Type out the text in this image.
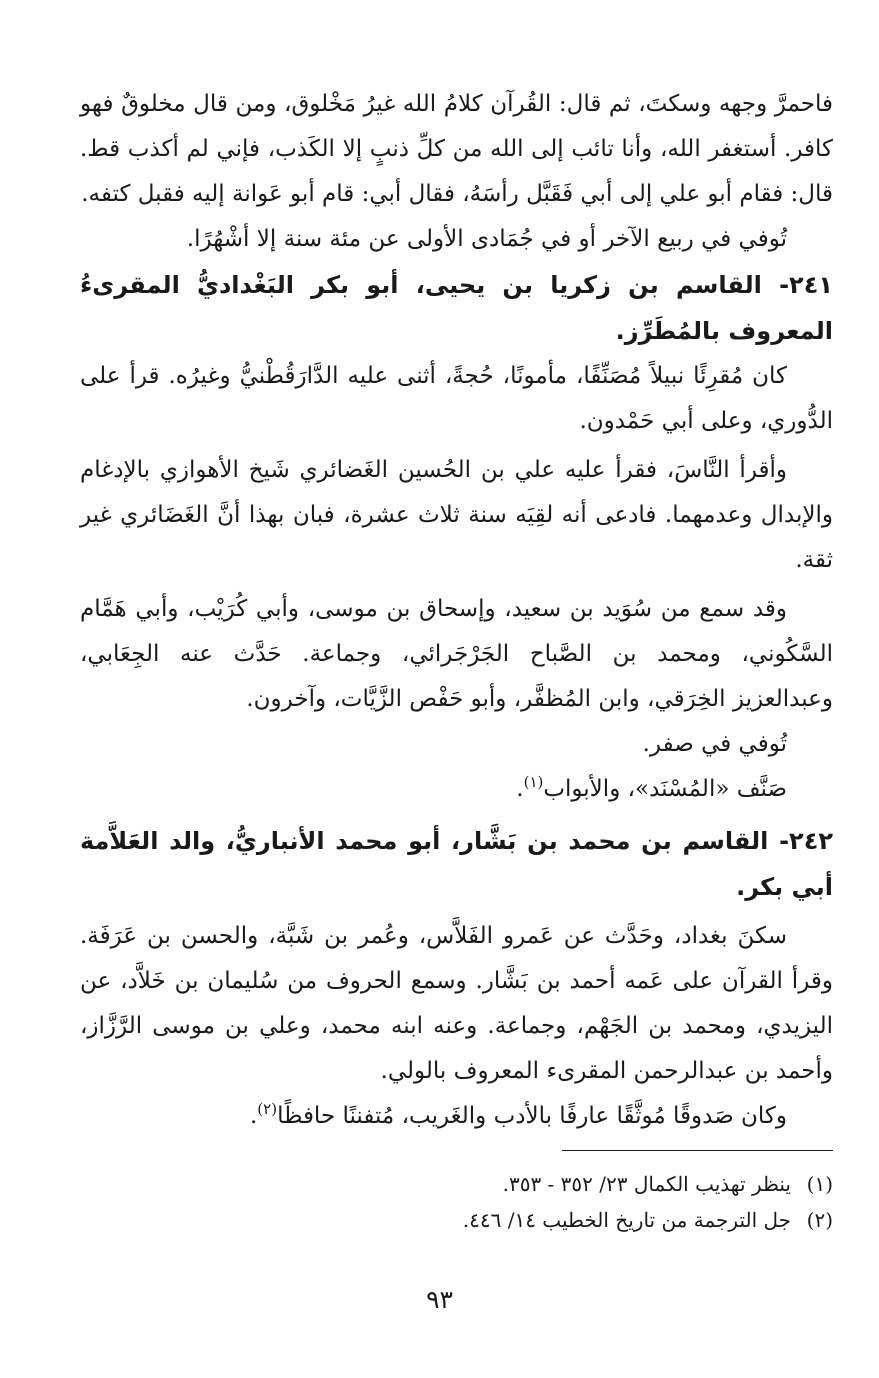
فاحمرَّ وجهه وسكتَ، ثم قال: القُرآن كلامُ الله غيرُ مَخْلوق، ومن قال مخلوقٌ فهو كافر. أستغفر الله، وأنا تائب إلى الله من كلِّ ذنبٍ إلا الكَذب، فإني لم أكذب قط. قال: فقام أبو علي إلى أبي فَقَبَّل رأسَهُ، فقال أبي: قام أبو عَوانة إليه فقبل كتفه.

تُوفي في ربيع الآخر أو في جُمَادى الأولى عن مئة سنة إلا أشْهُرًا.

٢٤١- القاسم بن زكريا بن يحيى، أبو بكر البَغْداديُّ المقرىءُ المعروف بالمُطَرِّز.

كان مُقرِئًا نبيلاً مُصَنِّفًا، مأمونًا، حُجةً، أثنى عليه الدَّارَقُطْنيُّ وغيرُه. قرأ على الدُّوري، وعلى أبي حَمْدون.

وأقرأ النَّاسَ، فقرأ عليه علي بن الحُسين الغَضائري شَيخ الأهوازي بالإدغام والإبدال وعدمهما. فادعى أنه لقِيَه سنة ثلاث عشرة، فبان بهذا أنَّ الغَضَائري غير ثقة.

وقد سمع من سُوَيد بن سعيد، وإسحاق بن موسى، وأبي كُرَيْب، وأبي هَمَّام السَّكُوني، ومحمد بن الصَّباح الجَرْجَرائي، وجماعة. حَدَّث عنه الجِعَابي، وعبدالعزيز الخِرَقي، وابن المُظفَّر، وأبو حَفْص الزَّيَّات، وآخرون.

تُوفي في صفر.

صَنَّف «المُسْنَد»، والأبواب$^{(١)}$.

٢٤٢- القاسم بن محمد بن بَشَّار، أبو محمد الأنباريُّ، والد العَلاَّمة أبي بكر.

سكنَ بغداد، وحَدَّث عن عَمرو الفَلاَّس، وعُمر بن شَبَّة، والحسن بن عَرَفَة. وقرأ القرآن على عَمه أحمد بن بَشَّار. وسمع الحروف من سُليمان بن خَلاَّد، عن اليزيدي، ومحمد بن الجَهْم، وجماعة. وعنه ابنه محمد، وعلي بن موسى الرَّزَّاز، وأحمد بن عبدالرحمن المقرىء المعروف بالولي.

وكان صَدوقًا مُوثَّقًا عارفًا بالأدب والغَريب، مُتفننًا حافظًا$^{(٢)}$.

(١)ينظر تهذيب الكمال ٢٣/ ٣٥٢ - ٣٥٣.

(٢)جل الترجمة من تاريخ الخطيب ١٤/ ٤٤٦.

٩٣
